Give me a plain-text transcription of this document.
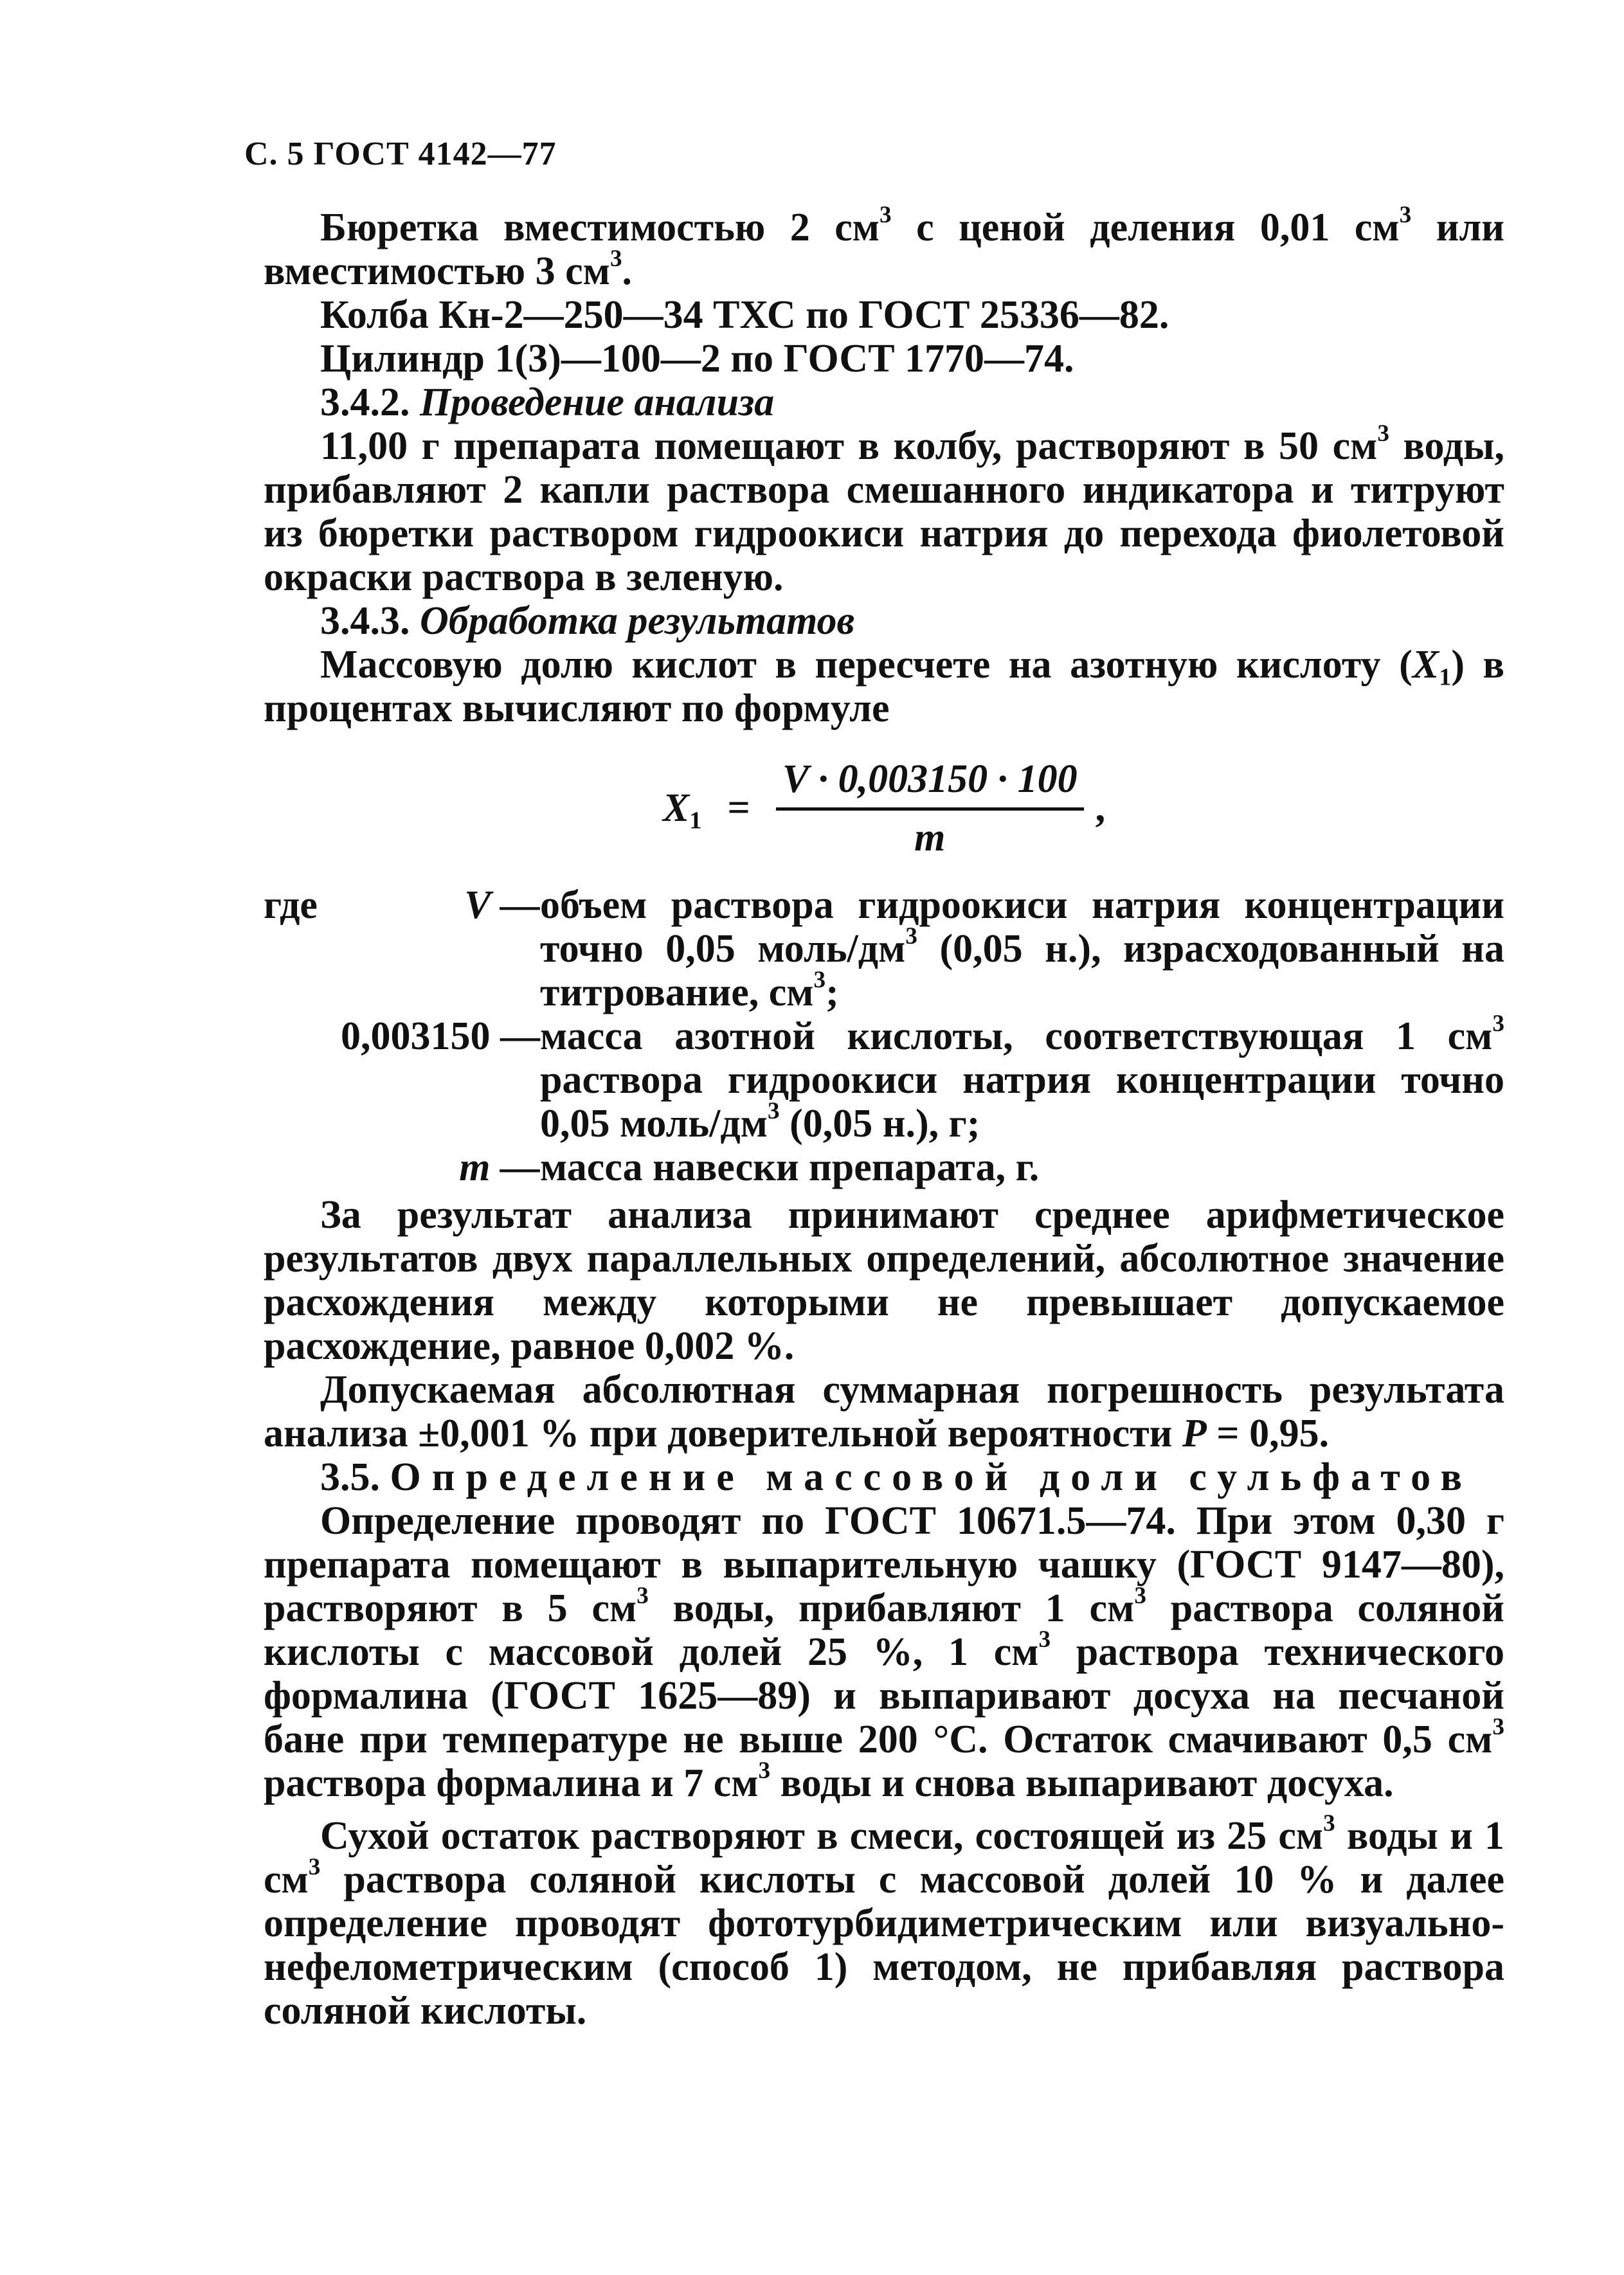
С. 5 ГОСТ 4142—77

Бюретка вместимостью 2 $см^3$ с ценой деления 0,01 $см^3$ или вместимостью 3 $см^3$.

Колба Кн-2—250—34 ТХС по ГОСТ 25336—82.

Цилиндр 1(3)—100—2 по ГОСТ 1770—74.

3.4.2. Проведение анализа

11,00 г препарата помещают в колбу, растворяют в 50 $см^3$ воды, прибавляют 2 капли раствора смешанного индикатора и титруют из бюретки раствором гидроокиси натрия до перехода фиолетовой окраски раствора в зеленую.

3.4.3. Обработка результатов

Массовую долю кислот в пересчете на азотную кислоту $(X_1)$ в процентах вычисляют по формуле

$X_1$ =
V · 0,003150 · 100
m
,
где	V —	объем раствора гидроокиси натрия концентрации точно 0,05 моль/$дм^3$ (0,05 н.), израсходованный на титрование, $см^3$;
0,003150 —		масса азотной кислоты, соответствующая 1 $см^3$ раствора гидроокиси натрия концентрации точно 0,05 моль/$дм^3$ (0,05 н.), г;
	m —	масса навески препарата, г.

За результат анализа принимают среднее арифметическое результатов двух параллельных определений, абсолютное значение расхождения между которыми не превышает допускаемое расхождение, равное 0,002 %.

Допускаемая абсолютная суммарная погрешность результата анализа ±0,001 % при доверительной вероятности P = 0,95.

3.5. Определение массовой доли сульфатов

Определение проводят по ГОСТ 10671.5—74. При этом 0,30 г препарата помещают в выпарительную чашку (ГОСТ 9147—80), растворяют в 5 $см^3$ воды, прибавляют 1 $см^3$ раствора соляной кислоты с массовой долей 25 %, 1 $см^3$ раствора технического формалина (ГОСТ 1625—89) и выпаривают досуха на песчаной бане при температуре не выше 200 °С. Остаток смачивают 0,5 $см^3$ раствора формалина и 7 $см^3$ воды и снова выпаривают досуха.

Сухой остаток растворяют в смеси, состоящей из 25 $см^3$ воды и 1 $см^3$ раствора соляной кислоты с массовой долей 10 % и далее определение проводят фототурбидиметрическим или визуально-нефелометрическим (способ 1) методом, не прибавляя раствора соляной кислоты.
